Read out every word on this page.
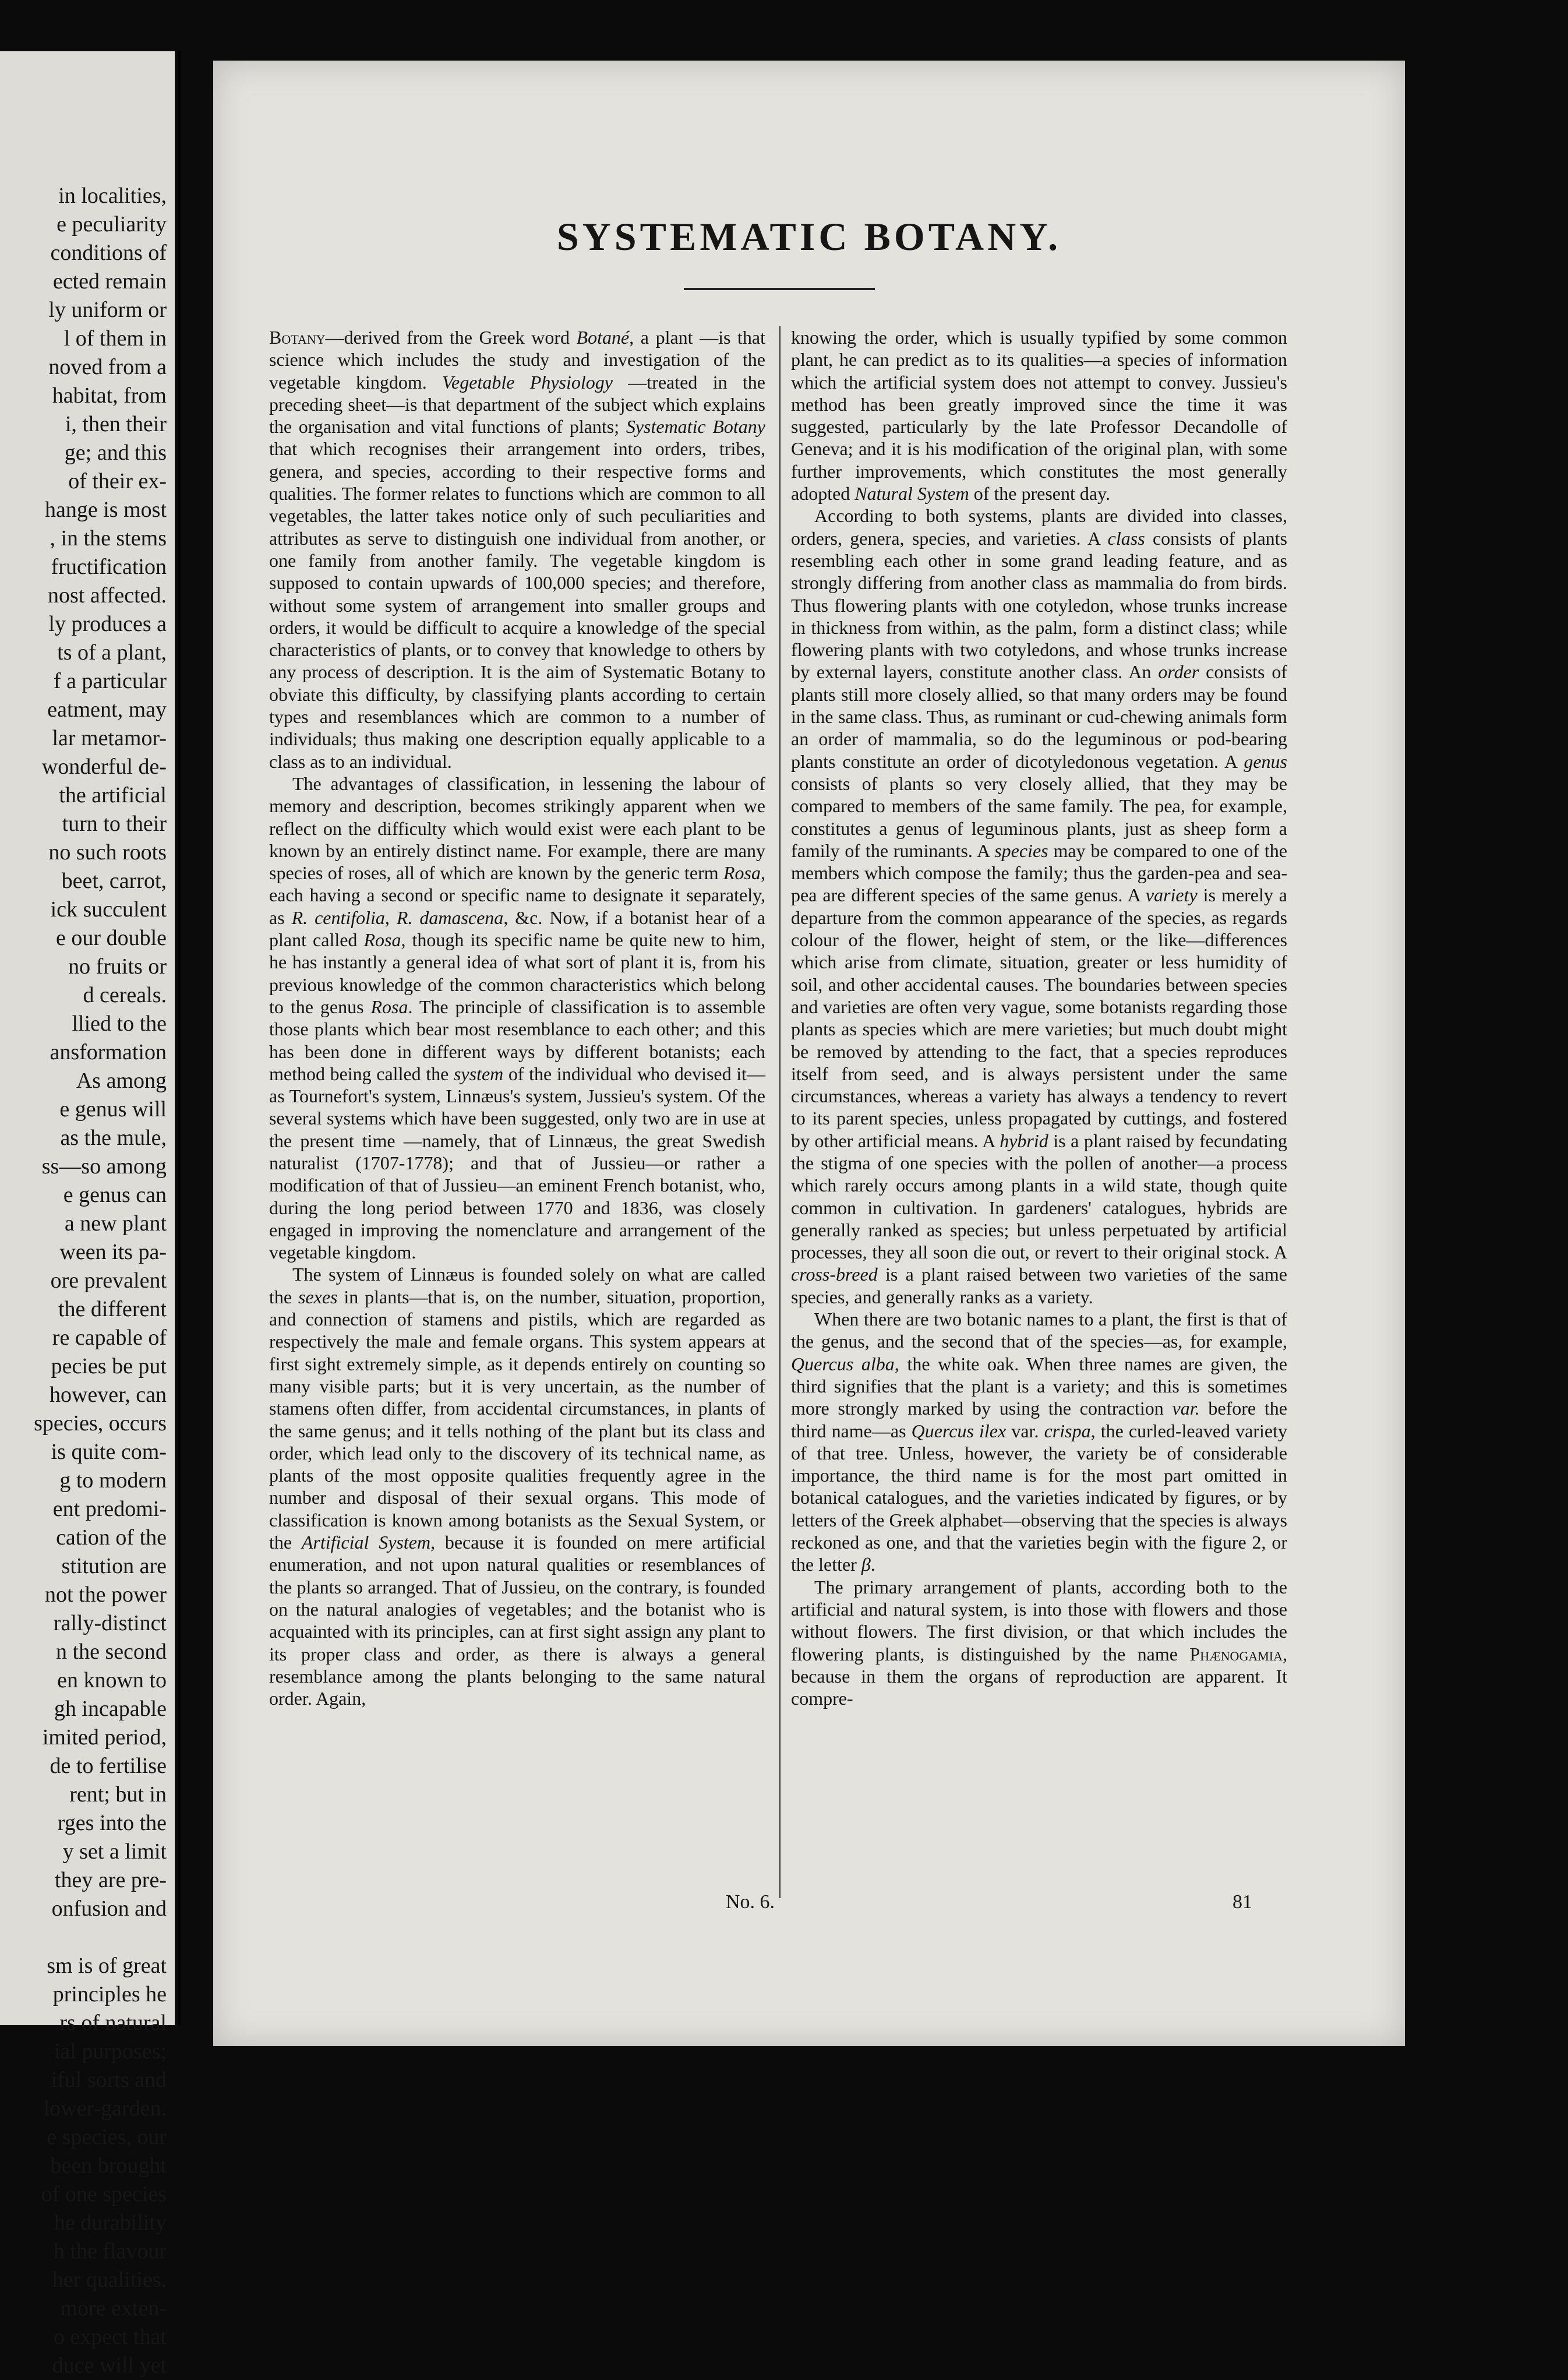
in localities,
e peculiarity
conditions of
ected remain
ly uniform or
l of them in
noved from a
habitat, from
i, then their
ge; and this
of their ex-
hange is most
, in the stems
fructification
nost affected.
ly produces a
ts of a plant,
f a particular
eatment, may
lar metamor-
wonderful de-
the artificial
turn to their
no such roots
beet, carrot,
ick succulent
e our double
no fruits or
d cereals.
llied to the
ansformation
As among
e genus will
as the mule,
ss—so among
e genus can
a new plant
ween its pa-
ore prevalent
the different
re capable of
pecies be put
however, can
species, occurs
is quite com-
g to modern
ent predomi-
cation of the
stitution are
not the power
rally-distinct
n the second
en known to
gh incapable
imited period,
de to fertilise
rent; but in
rges into the
y set a limit
they are pre-
onfusion and
sm is of great
principles he
rs of natural
ial purposes;
iful sorts and
lower-garden.
e species, our
been brought
of one species
he durability
h the flavour
her qualities.
more exten-
o expect that
duce will yet
SYSTEMATIC BOTANY.

Botany—derived from the Greek word Botané, a plant —is that science which includes the study and investigation of the vegetable kingdom. Vegetable Physiology —treated in the preceding sheet—is that department of the subject which explains the organisation and vital functions of plants; Systematic Botany that which recognises their arrangement into orders, tribes, genera, and species, according to their respective forms and qualities. The former relates to functions which are common to all vegetables, the latter takes notice only of such peculiarities and attributes as serve to distinguish one individual from another, or one family from another family. The vegetable kingdom is supposed to contain upwards of 100,000 species; and therefore, without some system of arrangement into smaller groups and orders, it would be difficult to acquire a knowledge of the special characteristics of plants, or to convey that knowledge to others by any process of description. It is the aim of Systematic Botany to obviate this difficulty, by classifying plants according to certain types and resemblances which are common to a number of individuals; thus making one description equally applicable to a class as to an individual.

The advantages of classification, in lessening the labour of memory and description, becomes strikingly apparent when we reflect on the difficulty which would exist were each plant to be known by an entirely distinct name. For example, there are many species of roses, all of which are known by the generic term Rosa, each having a second or specific name to designate it separately, as R. centifolia, R. damascena, &c. Now, if a botanist hear of a plant called Rosa, though its specific name be quite new to him, he has instantly a general idea of what sort of plant it is, from his previous knowledge of the common characteristics which belong to the genus Rosa. The principle of classification is to assemble those plants which bear most resemblance to each other; and this has been done in different ways by different botanists; each method being called the system of the individual who devised it—as Tournefort's system, Linnæus's system, Jussieu's system. Of the several systems which have been suggested, only two are in use at the present time —namely, that of Linnæus, the great Swedish naturalist (1707-1778); and that of Jussieu—or rather a modification of that of Jussieu—an eminent French botanist, who, during the long period between 1770 and 1836, was closely engaged in improving the nomenclature and arrangement of the vegetable kingdom.

The system of Linnæus is founded solely on what are called the sexes in plants—that is, on the number, situation, proportion, and connection of stamens and pistils, which are regarded as respectively the male and female organs. This system appears at first sight extremely simple, as it depends entirely on counting so many visible parts; but it is very uncertain, as the number of stamens often differ, from accidental circumstances, in plants of the same genus; and it tells nothing of the plant but its class and order, which lead only to the discovery of its technical name, as plants of the most opposite qualities frequently agree in the number and disposal of their sexual organs. This mode of classification is known among botanists as the Sexual System, or the Artificial System, because it is founded on mere artificial enumeration, and not upon natural qualities or resemblances of the plants so arranged. That of Jussieu, on the contrary, is founded on the natural analogies of vegetables; and the botanist who is acquainted with its principles, can at first sight assign any plant to its proper class and order, as there is always a general resemblance among the plants belonging to the same natural order. Again,

knowing the order, which is usually typified by some common plant, he can predict as to its qualities—a species of information which the artificial system does not attempt to convey. Jussieu's method has been greatly improved since the time it was suggested, particularly by the late Professor Decandolle of Geneva; and it is his modification of the original plan, with some further improvements, which constitutes the most generally adopted Natural System of the present day.

According to both systems, plants are divided into classes, orders, genera, species, and varieties. A class consists of plants resembling each other in some grand leading feature, and as strongly differing from another class as mammalia do from birds. Thus flowering plants with one cotyledon, whose trunks increase in thickness from within, as the palm, form a distinct class; while flowering plants with two cotyledons, and whose trunks increase by external layers, constitute another class. An order consists of plants still more closely allied, so that many orders may be found in the same class. Thus, as ruminant or cud-chewing animals form an order of mammalia, so do the leguminous or pod-bearing plants constitute an order of dicotyledonous vegetation. A genus consists of plants so very closely allied, that they may be compared to members of the same family. The pea, for example, constitutes a genus of leguminous plants, just as sheep form a family of the ruminants. A species may be compared to one of the members which compose the family; thus the garden-pea and sea-pea are different species of the same genus. A variety is merely a departure from the common appearance of the species, as regards colour of the flower, height of stem, or the like—differences which arise from climate, situation, greater or less humidity of soil, and other accidental causes. The boundaries between species and varieties are often very vague, some botanists regarding those plants as species which are mere varieties; but much doubt might be removed by attending to the fact, that a species reproduces itself from seed, and is always persistent under the same circumstances, whereas a variety has always a tendency to revert to its parent species, unless propagated by cuttings, and fostered by other artificial means. A hybrid is a plant raised by fecundating the stigma of one species with the pollen of another—a process which rarely occurs among plants in a wild state, though quite common in cultivation. In gardeners' catalogues, hybrids are generally ranked as species; but unless perpetuated by artificial processes, they all soon die out, or revert to their original stock. A cross-breed is a plant raised between two varieties of the same species, and generally ranks as a variety.

When there are two botanic names to a plant, the first is that of the genus, and the second that of the species—as, for example, Quercus alba, the white oak. When three names are given, the third signifies that the plant is a variety; and this is sometimes more strongly marked by using the contraction var. before the third name—as Quercus ilex var. crispa, the curled-leaved variety of that tree. Unless, however, the variety be of considerable importance, the third name is for the most part omitted in botanical catalogues, and the varieties indicated by figures, or by letters of the Greek alphabet—observing that the species is always reckoned as one, and that the varieties begin with the figure 2, or the letter β.

The primary arrangement of plants, according both to the artificial and natural system, is into those with flowers and those without flowers. The first division, or that which includes the flowering plants, is distinguished by the name Phænogamia, because in them the organs of reproduction are apparent. It compre-

No. 6.	81
